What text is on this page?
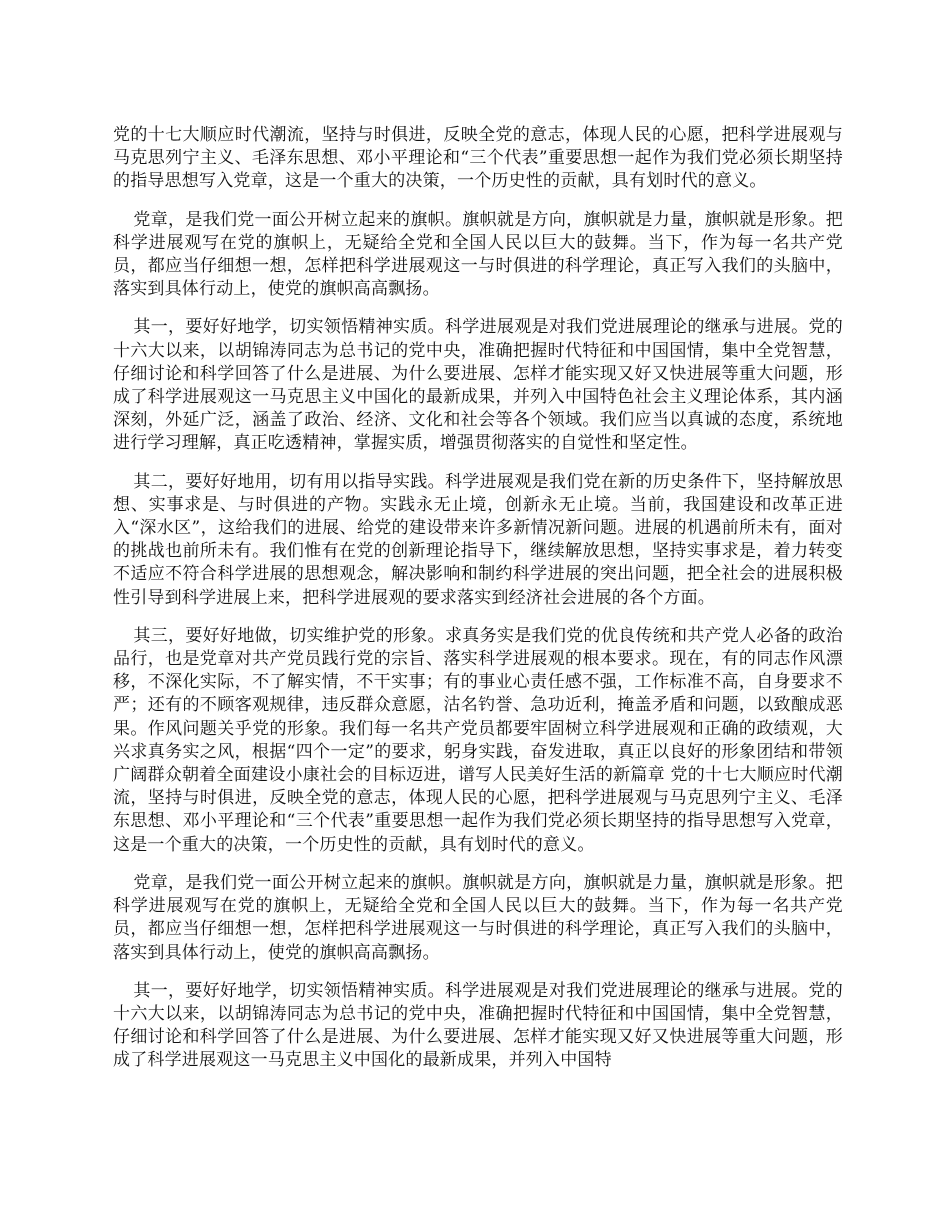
党的十七大顺应时代潮流，坚持与时俱进，反映全党的意志，体现人民的心愿，把科学进展观与马克思列宁主义、毛泽东思想、邓小平理论和“三个代表”重要思想一起作为我们党必须长期坚持的指导思想写入党章，这是一个重大的决策，一个历史性的贡献，具有划时代的意义。

党章，是我们党一面公开树立起来的旗帜。旗帜就是方向，旗帜就是力量，旗帜就是形象。把科学进展观写在党的旗帜上，无疑给全党和全国人民以巨大的鼓舞。当下，作为每一名共产党员，都应当仔细想一想，怎样把科学进展观这一与时俱进的科学理论，真正写入我们的头脑中，落实到具体行动上，使党的旗帜高高飘扬。

其一，要好好地学，切实领悟精神实质。科学进展观是对我们党进展理论的继承与进展。党的十六大以来，以胡锦涛同志为总书记的党中央，准确把握时代特征和中国国情，集中全党智慧，仔细讨论和科学回答了什么是进展、为什么要进展、怎样才能实现又好又快进展等重大问题，形成了科学进展观这一马克思主义中国化的最新成果，并列入中国特色社会主义理论体系，其内涵深刻，外延广泛，涵盖了政治、经济、文化和社会等各个领域。我们应当以真诚的态度，系统地进行学习理解，真正吃透精神，掌握实质，增强贯彻落实的自觉性和坚定性。

其二，要好好地用，切有用以指导实践。科学进展观是我们党在新的历史条件下，坚持解放思想、实事求是、与时俱进的产物。实践永无止境，创新永无止境。当前，我国建设和改革正进入“深水区”，这给我们的进展、给党的建设带来许多新情况新问题。进展的机遇前所未有，面对的挑战也前所未有。我们惟有在党的创新理论指导下，继续解放思想，坚持实事求是，着力转变不适应不符合科学进展的思想观念，解决影响和制约科学进展的突出问题，把全社会的进展积极性引导到科学进展上来，把科学进展观的要求落实到经济社会进展的各个方面。

其三，要好好地做，切实维护党的形象。求真务实是我们党的优良传统和共产党人必备的政治品行，也是党章对共产党员践行党的宗旨、落实科学进展观的根本要求。现在，有的同志作风漂移，不深化实际，不了解实情，不干实事；有的事业心责任感不强，工作标准不高，自身要求不严；还有的不顾客观规律，违反群众意愿，沽名钓誉、急功近利，掩盖矛盾和问题，以致酿成恶果。作风问题关乎党的形象。我们每一名共产党员都要牢固树立科学进展观和正确的政绩观，大兴求真务实之风，根据“四个一定”的要求，躬身实践，奋发进取，真正以良好的形象团结和带领广阔群众朝着全面建设小康社会的目标迈进，谱写人民美好生活的新篇章 党的十七大顺应时代潮流，坚持与时俱进，反映全党的意志，体现人民的心愿，把科学进展观与马克思列宁主义、毛泽东思想、邓小平理论和“三个代表”重要思想一起作为我们党必须长期坚持的指导思想写入党章，这是一个重大的决策，一个历史性的贡献，具有划时代的意义。

党章，是我们党一面公开树立起来的旗帜。旗帜就是方向，旗帜就是力量，旗帜就是形象。把科学进展观写在党的旗帜上，无疑给全党和全国人民以巨大的鼓舞。当下，作为每一名共产党员，都应当仔细想一想，怎样把科学进展观这一与时俱进的科学理论，真正写入我们的头脑中，落实到具体行动上，使党的旗帜高高飘扬。

其一，要好好地学，切实领悟精神实质。科学进展观是对我们党进展理论的继承与进展。党的十六大以来，以胡锦涛同志为总书记的党中央，准确把握时代特征和中国国情，集中全党智慧，仔细讨论和科学回答了什么是进展、为什么要进展、怎样才能实现又好又快进展等重大问题，形成了科学进展观这一马克思主义中国化的最新成果，并列入中国特
